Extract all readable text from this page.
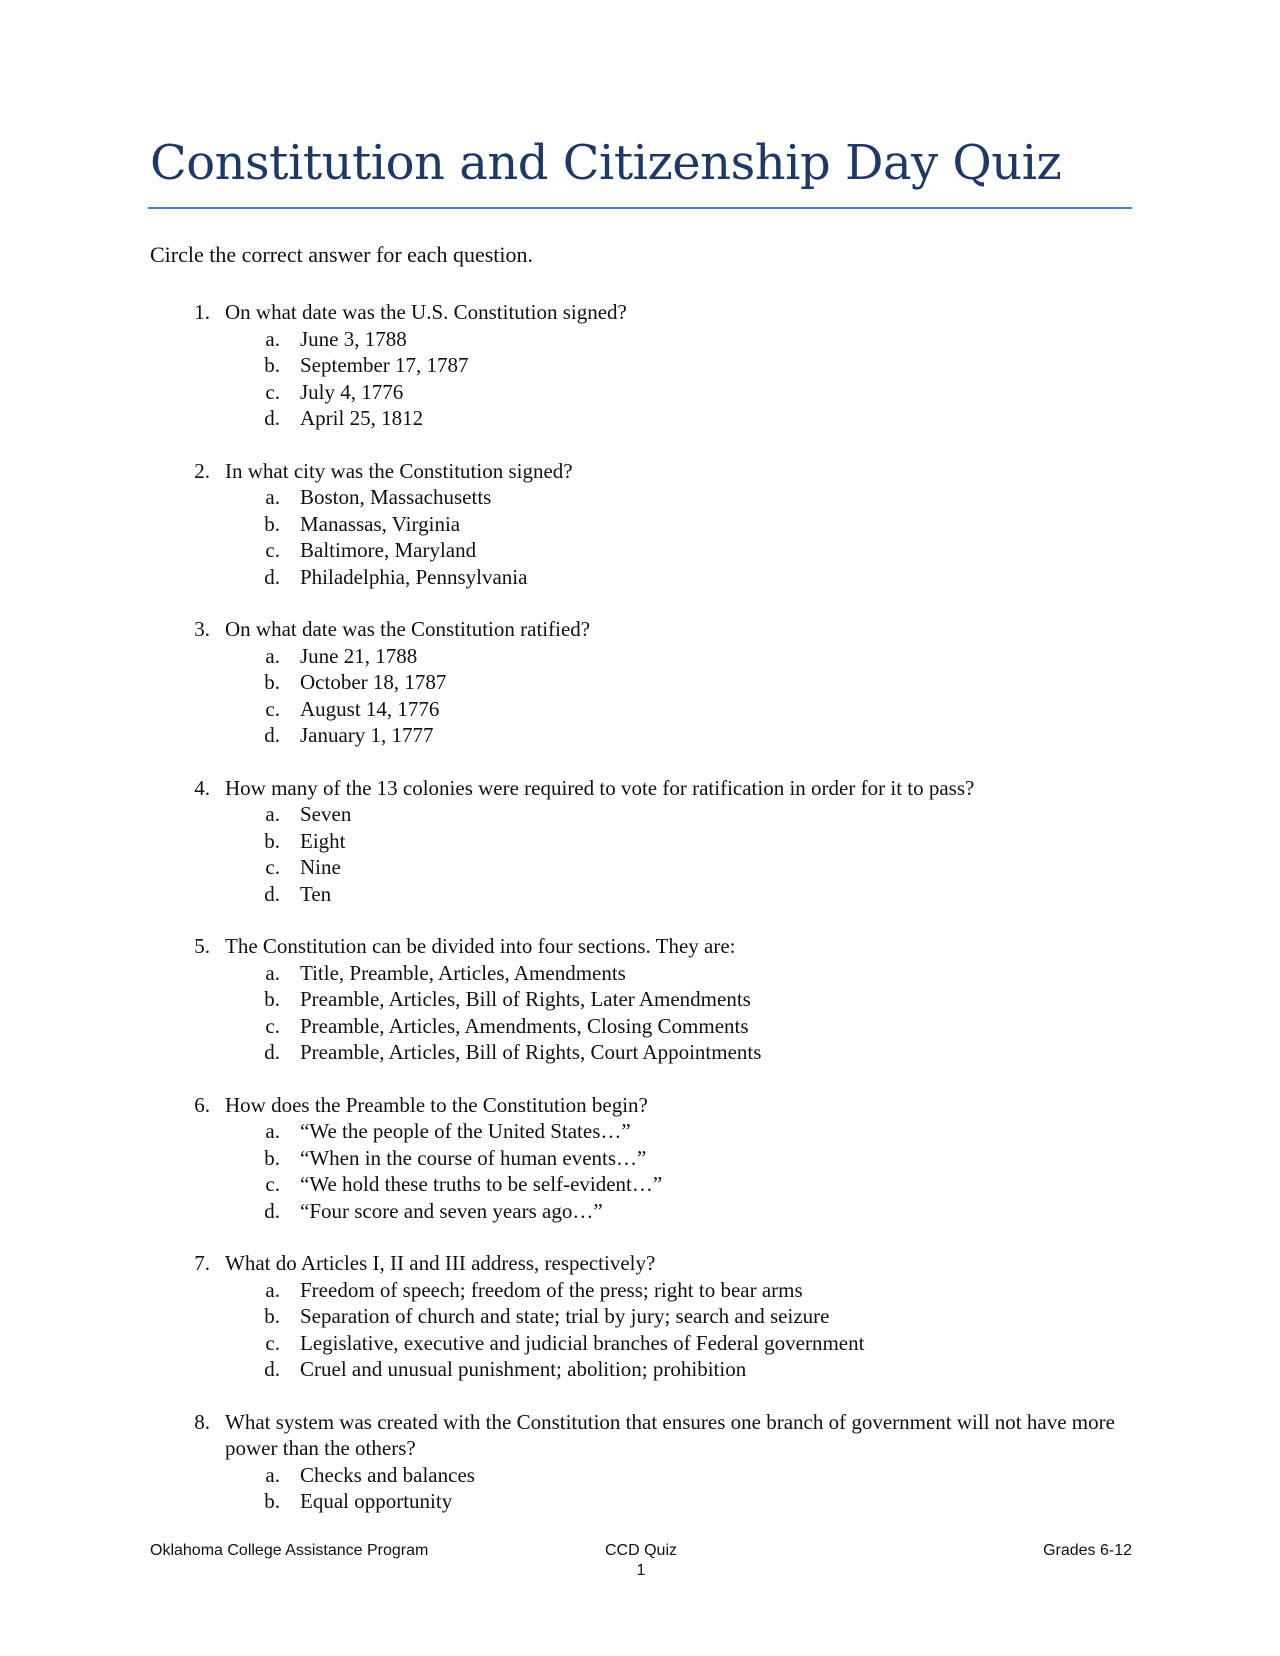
Constitution and Citizenship Day Quiz

Circle the correct answer for each question.

1. On what date was the U.S. Constitution signed?
a. June 3, 1788
b. September 17, 1787
c. July 4, 1776
d. April 25, 1812
2. In what city was the Constitution signed?
a. Boston, Massachusetts
b. Manassas, Virginia
c. Baltimore, Maryland
d. Philadelphia, Pennsylvania
3. On what date was the Constitution ratified?
a. June 21, 1788
b. October 18, 1787
c. August 14, 1776
d. January 1, 1777
4. How many of the 13 colonies were required to vote for ratification in order for it to pass?
a. Seven
b. Eight
c. Nine
d. Ten
5. The Constitution can be divided into four sections. They are:
a. Title, Preamble, Articles, Amendments
b. Preamble, Articles, Bill of Rights, Later Amendments
c. Preamble, Articles, Amendments, Closing Comments
d. Preamble, Articles, Bill of Rights, Court Appointments
6. How does the Preamble to the Constitution begin?
a. “We the people of the United States…”
b. “When in the course of human events…”
c. “We hold these truths to be self-evident…”
d. “Four score and seven years ago…”
7. What do Articles I, II and III address, respectively?
a. Freedom of speech; freedom of the press; right to bear arms
b. Separation of church and state; trial by jury; search and seizure
c. Legislative, executive and judicial branches of Federal government
d. Cruel and unusual punishment; abolition; prohibition
8. What system was created with the Constitution that ensures one branch of government will not have more power than the others?
a. Checks and balances
b. Equal opportunity
Oklahoma College Assistance Program	CCD Quiz	Grades 6-12
1
